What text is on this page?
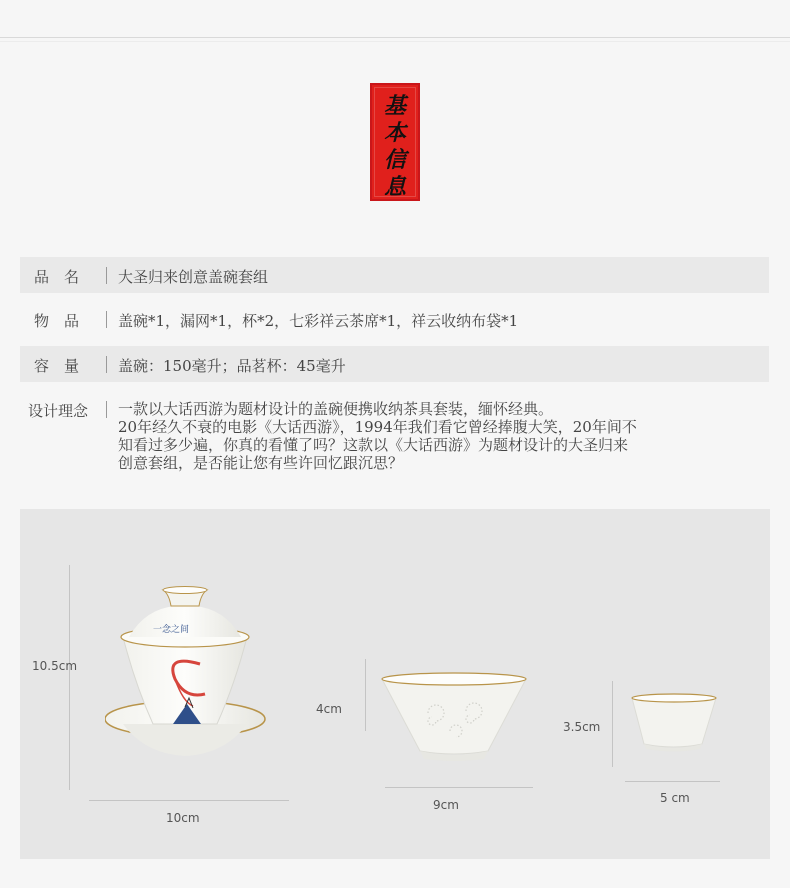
基
本
信
息
品　名	大圣归来创意盖碗套组
物　品	盖碗*1，漏网*1，杯*2，七彩祥云茶席*1，祥云收纳布袋*1
容　量	盖碗：150毫升；品茗杯：45毫升
设计理念 一款以大话西游为题材设计的盖碗便携收纳茶具套装，缅怀经典。

20年经久不衰的电影《大话西游》，1994年我们看它曾经捧腹大笑，20年间不

知看过多少遍，你真的看懂了吗？这款以《大话西游》为题材设计的大圣归来

创意套组，是否能让您有些许回忆跟沉思？

10.5cm
10cm
一念之间
4cm
9cm
3.5cm
5 cm
